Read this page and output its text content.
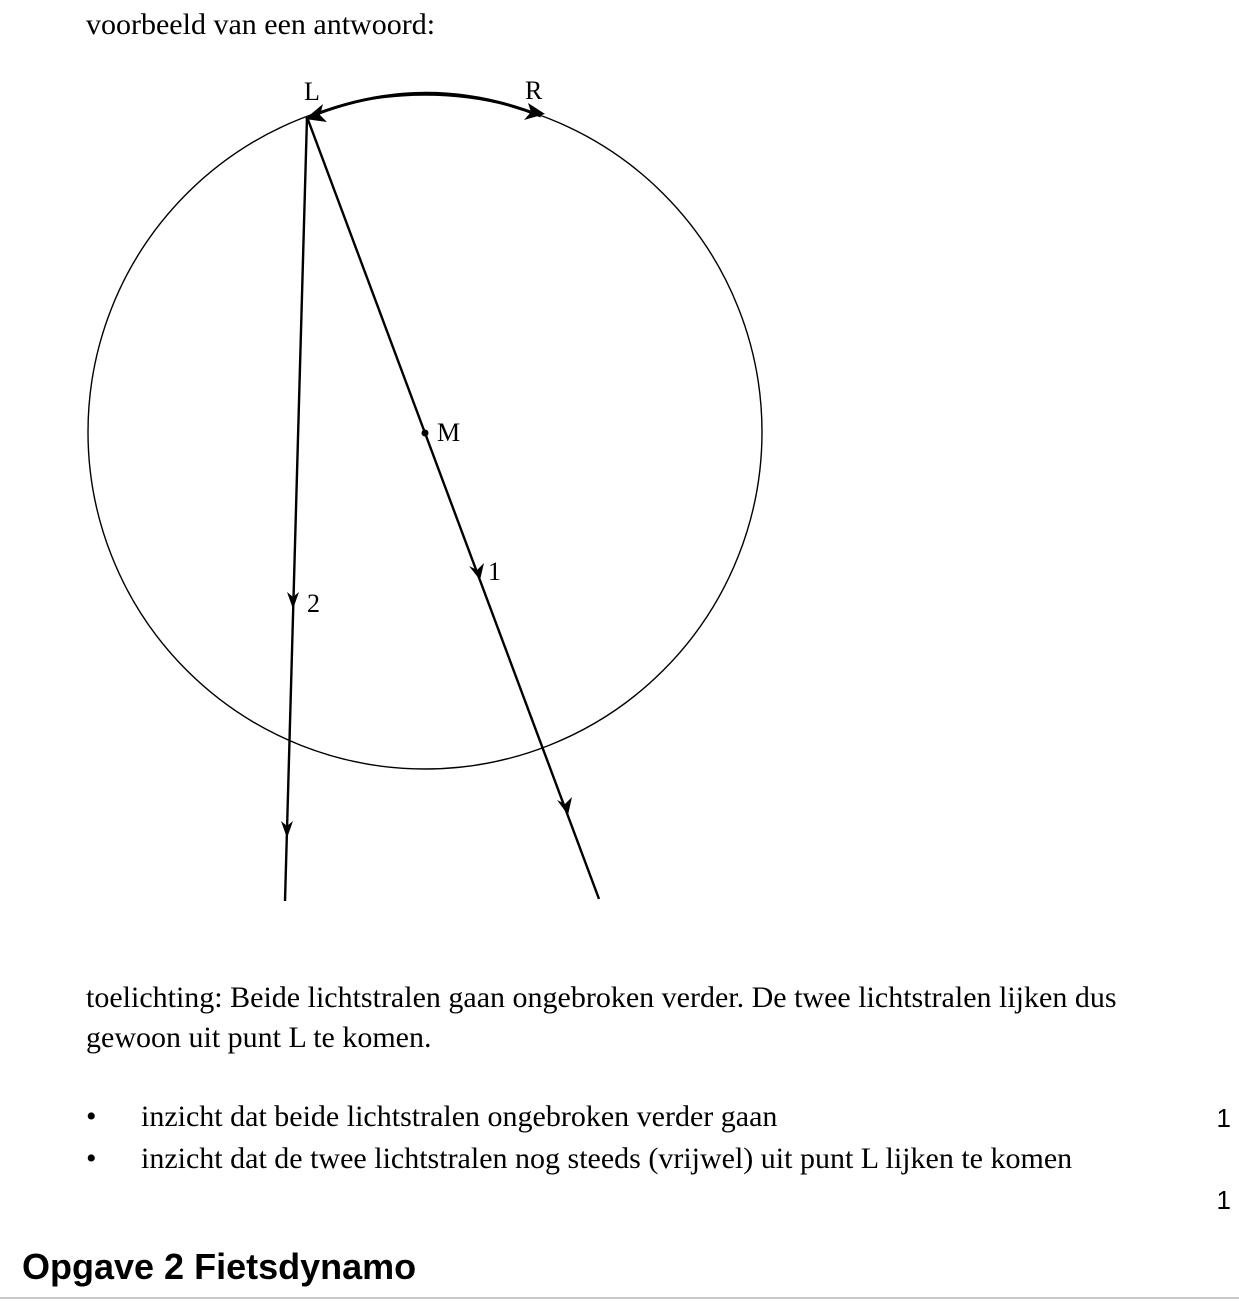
voorbeeld van een antwoord:

L	R
M
1
2

toelichting: Beide lichtstralen gaan ongebroken verder. De twee lichtstralen lijken dus gewoon uit punt L te komen.

• inzicht dat beide lichtstralen ongebroken verder gaan	1
• inzicht dat de twee lichtstralen nog steeds (vrijwel) uit punt L lijken te komen
1
Opgave 2 Fietsdynamo
